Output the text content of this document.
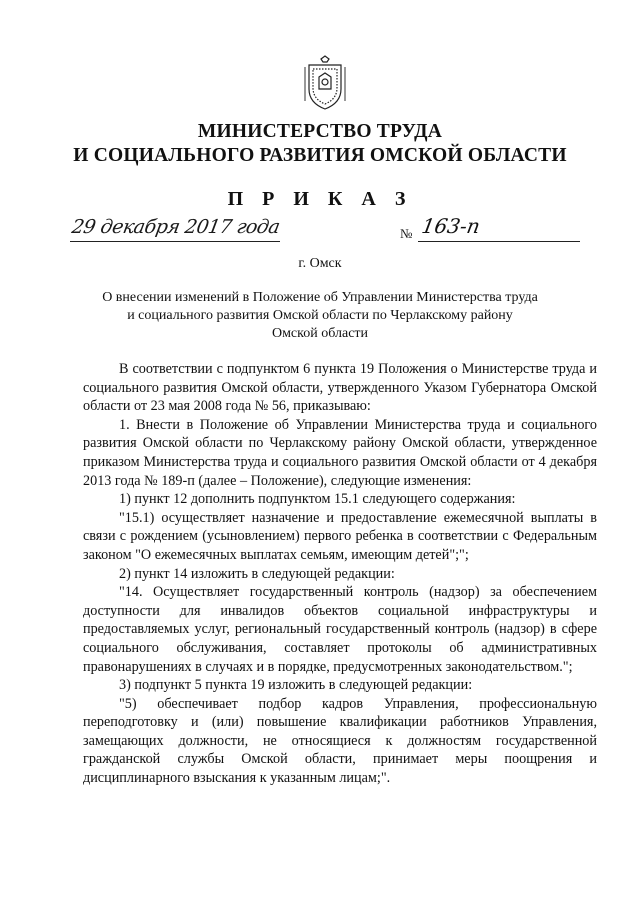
МИНИСТЕРСТВО ТРУДА
И СОЦИАЛЬНОГО РАЗВИТИЯ ОМСКОЙ ОБЛАСТИ
П Р И К А З
29 декабря 2017 года	№ 163-п
г. Омск
О внесении изменений в Положение об Управлении Министерства труда
и социального развития Омской области по Черлакскому району
Омской области

В соответствии с подпунктом 6 пункта 19 Положения о Министерстве труда и социального развития Омской области, утвержденного Указом Губернатора Омской области от 23 мая 2008 года № 56, приказываю:

1. Внести в Положение об Управлении Министерства труда и социального развития Омской области по Черлакскому району Омской области, утвержденное приказом Министерства труда и социального развития Омской области от 4 декабря 2013 года № 189-п (далее – Положение), следующие изменения:

1) пункт 12 дополнить подпунктом 15.1 следующего содержания:

"15.1) осуществляет назначение и предоставление ежемесячной выплаты в связи с рождением (усыновлением) первого ребенка в соответствии с Федеральным законом "О ежемесячных выплатах семьям, имеющим детей";";

2) пункт 14 изложить в следующей редакции:

"14. Осуществляет государственный контроль (надзор) за обеспечением доступности для инвалидов объектов социальной инфраструктуры и предоставляемых услуг, региональный государственный контроль (надзор) в сфере социального обслуживания, составляет протоколы об административных правонарушениях в случаях и в порядке, предусмотренных законодательством.";

3) подпункт 5 пункта 19 изложить в следующей редакции:

"5) обеспечивает подбор кадров Управления, профессиональную переподготовку и (или) повышение квалификации работников Управления, замещающих должности, не относящиеся к должностям государственной гражданской службы Омской области, принимает меры поощрения и дисциплинарного взыскания к указанным лицам;".
